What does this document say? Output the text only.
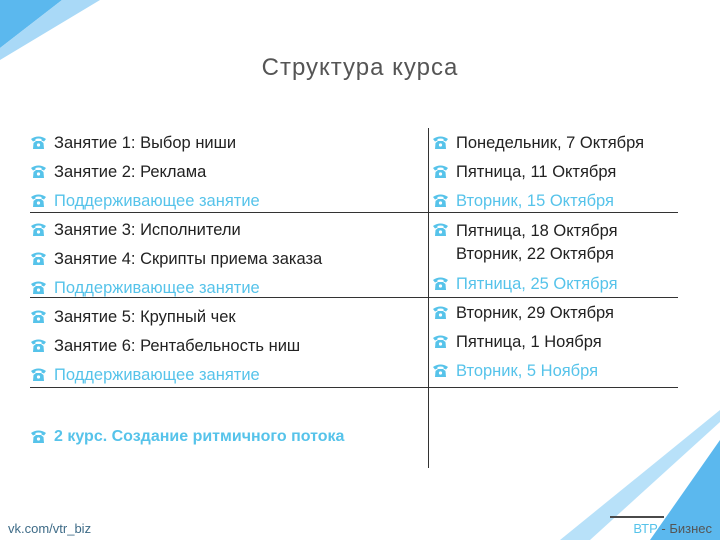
Структура курса
Занятие 1: Выбор ниши
Занятие 2: Реклама
Поддерживающее занятие
Занятие 3: Исполнители
Занятие 4: Скрипты приема заказа
Поддерживающее занятие
Занятие 5: Крупный чек
Занятие 6: Рентабельность ниш
Поддерживающее занятие
2 курс. Создание ритмичного потока
Понедельник, 7 Октября
Пятница, 11 Октября
Вторник, 15 Октября
Пятница, 18 Октября
Вторник, 22 Октября
Пятница, 25 Октября
Вторник, 29 Октября
Пятница, 1 Ноября
Вторник, 5 Ноября
vk.com/vtr_biz	ВТР - Бизнес
